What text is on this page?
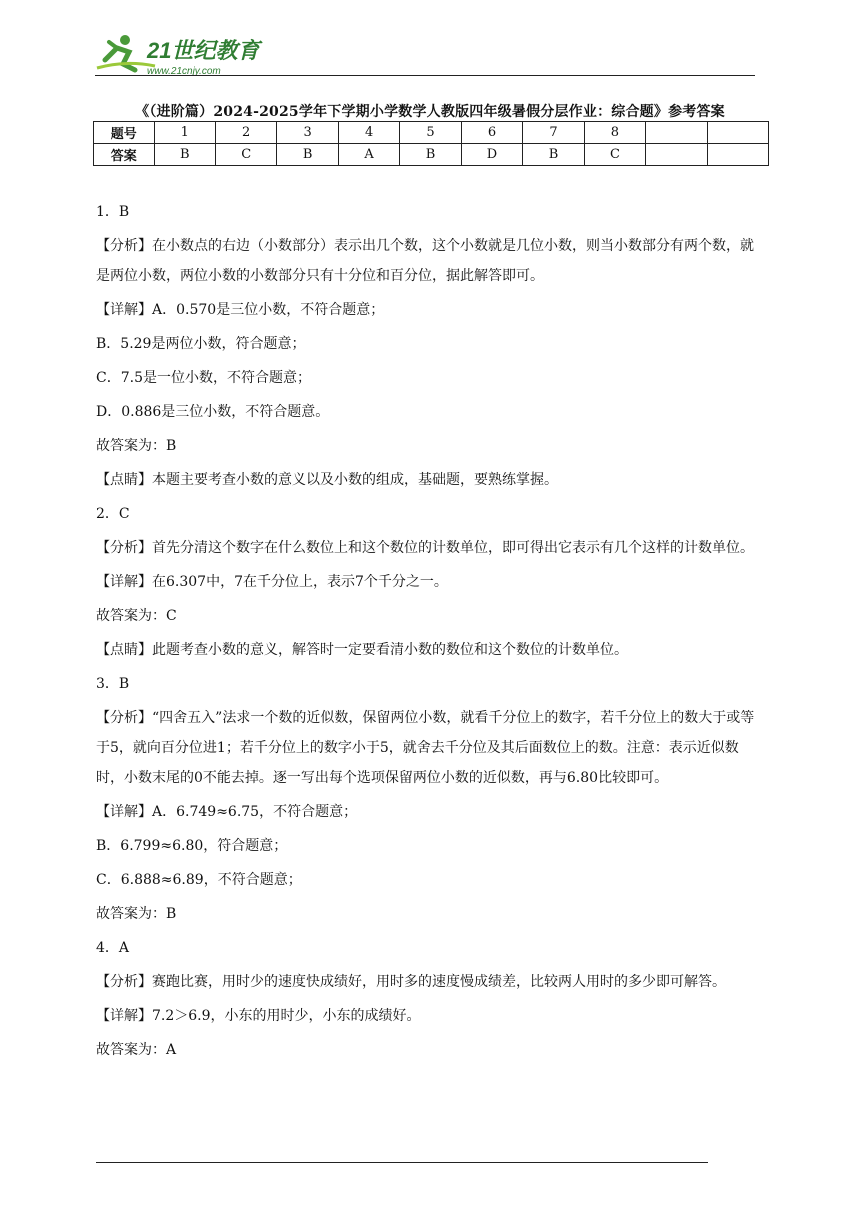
21世纪教育
www.21cnjy.com
《（进阶篇）2024-2025学年下学期小学数学人教版四年级暑假分层作业：综合题》参考答案
题号	1	2	3	4	5	6	7	8		
答案	B	C	B	A	B	D	B	C		

1．B

【分析】在小数点的右边（小数部分）表示出几个数，这个小数就是几位小数，则当小数部分有两个数，就是两位小数，两位小数的小数部分只有十分位和百分位，据此解答即可。

【详解】A．0.570是三位小数，不符合题意；

B．5.29是两位小数，符合题意；

C．7.5是一位小数，不符合题意；

D．0.886是三位小数，不符合题意。

故答案为：B

【点睛】本题主要考查小数的意义以及小数的组成，基础题，要熟练掌握。

2．C

【分析】首先分清这个数字在什么数位上和这个数位的计数单位，即可得出它表示有几个这样的计数单位。

【详解】在6.307中，7在千分位上，表示7个千分之一。

故答案为：C

【点睛】此题考查小数的意义，解答时一定要看清小数的数位和这个数位的计数单位。

3．B

【分析】“四舍五入”法求一个数的近似数，保留两位小数，就看千分位上的数字，若千分位上的数大于或等于5，就向百分位进1；若千分位上的数字小于5，就舍去千分位及其后面数位上的数。注意：表示近似数时，小数末尾的0不能去掉。逐一写出每个选项保留两位小数的近似数，再与6.80比较即可。

【详解】A．6.749≈6.75，不符合题意；

B．6.799≈6.80，符合题意；

C．6.888≈6.89，不符合题意；

故答案为：B

4．A

【分析】赛跑比赛，用时少的速度快成绩好，用时多的速度慢成绩差，比较两人用时的多少即可解答。

【详解】7.2＞6.9，小东的用时少，小东的成绩好。

故答案为：A
